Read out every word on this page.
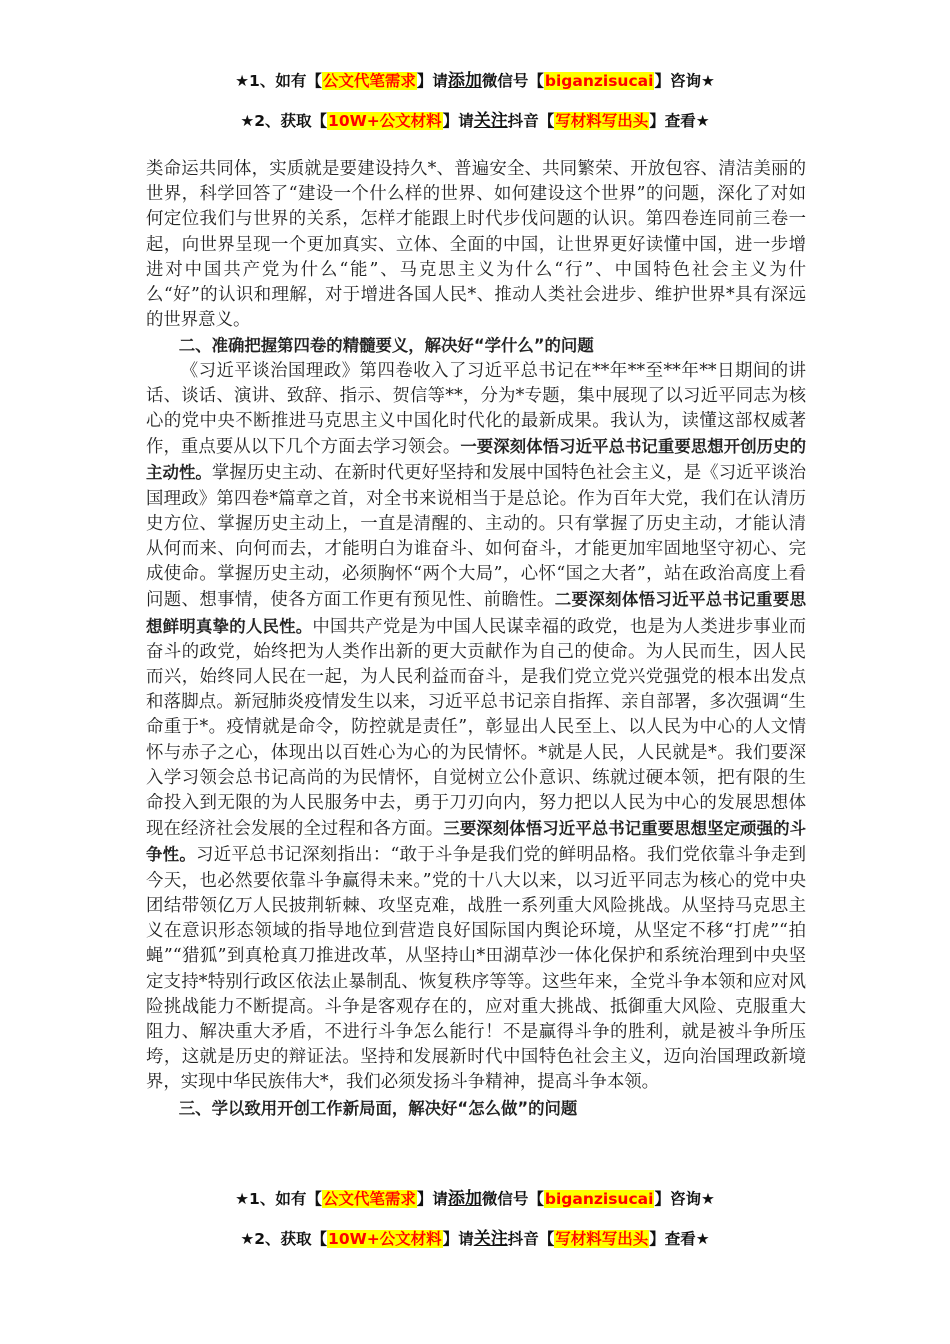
★1、如有【公文代笔需求】请添加微信号【biganzisucai】咨询★
★2、获取【10W+公文材料】请关注抖音【写材料写出头】查看★

类命运共同体，实质就是要建设持久*、普遍安全、共同繁荣、开放包容、清洁美丽的世界，科学回答了“建设一个什么样的世界、如何建设这个世界”的问题，深化了对如何定位我们与世界的关系，怎样才能跟上时代步伐问题的认识。第四卷连同前三卷一起，向世界呈现一个更加真实、立体、全面的中国，让世界更好读懂中国，进一步增进对中国共产党为什么“能”、马克思主义为什么“行”、中国特色社会主义为什么“好”的认识和理解，对于增进各国人民*、推动人类社会进步、维护世界*具有深远的世界意义。

二、准确把握第四卷的精髓要义，解决好“学什么”的问题

《习近平谈治国理政》第四卷收入了习近平总书记在**年**至**年**日期间的讲话、谈话、演讲、致辞、指示、贺信等**，分为*专题，集中展现了以习近平同志为核心的党中央不断推进马克思主义中国化时代化的最新成果。我认为，读懂这部权威著作，重点要从以下几个方面去学习领会。一要深刻体悟习近平总书记重要思想开创历史的主动性。掌握历史主动、在新时代更好坚持和发展中国特色社会主义，是《习近平谈治国理政》第四卷*篇章之首，对全书来说相当于是总论。作为百年大党，我们在认清历史方位、掌握历史主动上，一直是清醒的、主动的。只有掌握了历史主动，才能认清从何而来、向何而去，才能明白为谁奋斗、如何奋斗，才能更加牢固地坚守初心、完成使命。掌握历史主动，必须胸怀“两个大局”，心怀“国之大者”，站在政治高度上看问题、想事情，使各方面工作更有预见性、前瞻性。二要深刻体悟习近平总书记重要思想鲜明真挚的人民性。中国共产党是为中国人民谋幸福的政党，也是为人类进步事业而奋斗的政党，始终把为人类作出新的更大贡献作为自己的使命。为人民而生，因人民而兴，始终同人民在一起，为人民利益而奋斗，是我们党立党兴党强党的根本出发点和落脚点。新冠肺炎疫情发生以来，习近平总书记亲自指挥、亲自部署，多次强调“生命重于*。疫情就是命令，防控就是责任”，彰显出人民至上、以人民为中心的人文情怀与赤子之心，体现出以百姓心为心的为民情怀。*就是人民，人民就是*。我们要深入学习领会总书记高尚的为民情怀，自觉树立公仆意识、练就过硬本领，把有限的生命投入到无限的为人民服务中去，勇于刀刃向内，努力把以人民为中心的发展思想体现在经济社会发展的全过程和各方面。三要深刻体悟习近平总书记重要思想坚定顽强的斗争性。习近平总书记深刻指出：“敢于斗争是我们党的鲜明品格。我们党依靠斗争走到今天，也必然要依靠斗争赢得未来。”党的十八大以来，以习近平同志为核心的党中央团结带领亿万人民披荆斩棘、攻坚克难，战胜一系列重大风险挑战。从坚持马克思主义在意识形态领域的指导地位到营造良好国际国内舆论环境，从坚定不移“打虎”“拍蝇”“猎狐”到真枪真刀推进改革，从坚持山*田湖草沙一体化保护和系统治理到中央坚定支持*特别行政区依法止暴制乱、恢复秩序等等。这些年来，全党斗争本领和应对风险挑战能力不断提高。斗争是客观存在的，应对重大挑战、抵御重大风险、克服重大阻力、解决重大矛盾，不进行斗争怎么能行！不是赢得斗争的胜利，就是被斗争所压垮，这就是历史的辩证法。坚持和发展新时代中国特色社会主义，迈向治国理政新境界，实现中华民族伟大*，我们必须发扬斗争精神，提高斗争本领。

三、学以致用开创工作新局面，解决好“怎么做”的问题

★1、如有【公文代笔需求】请添加微信号【biganzisucai】咨询★
★2、获取【10W+公文材料】请关注抖音【写材料写出头】查看★
